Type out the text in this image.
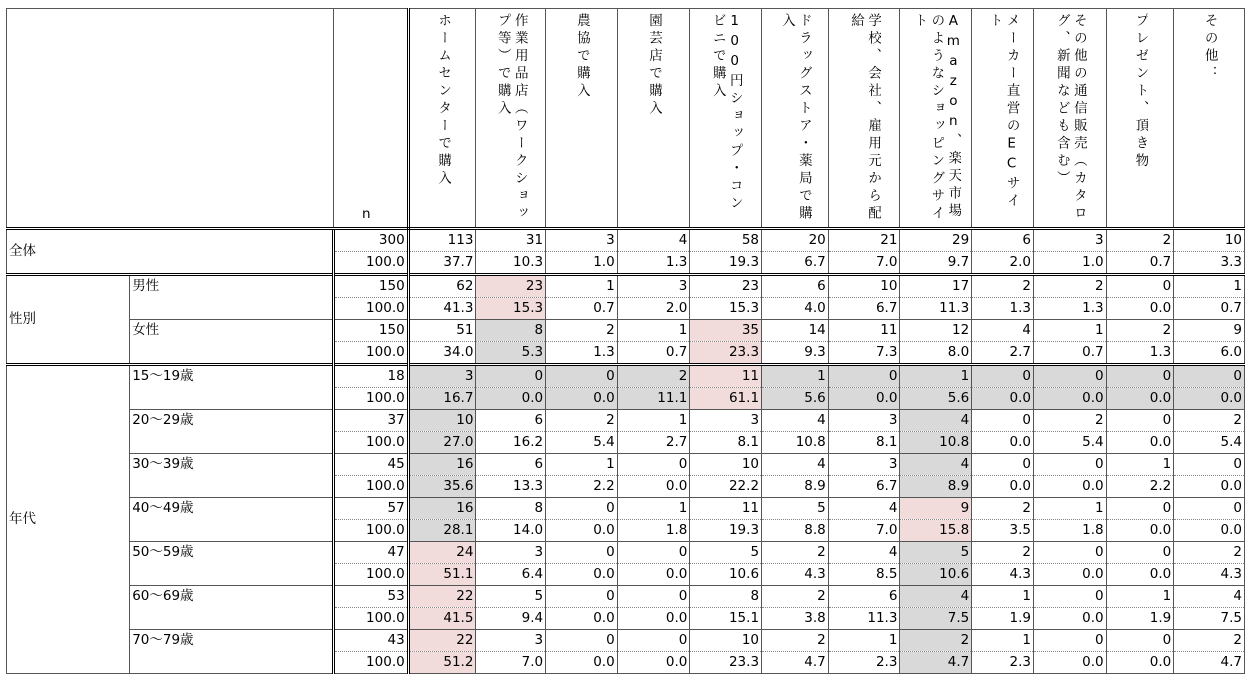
		n	ホームセンターで購入	作業用品店（ワークショップ等）で購入	農協で購入	園芸店で購入	100円ショップ・コンビニで購入	ドラッグストア・薬局で購入	学校、会社、雇用元から配給	Amazon、楽天市場のようなショッピングサイト	メーカー直営のECサイト	その他の通信販売（カタログ、新聞なども含む）	プレゼント、頂き物	その他：

全体		300	113	31	3	4	58	20	21	29	6	3	2	10
		100.0	37.7	10.3	1.0	1.3	19.3	6.7	7.0	9.7	2.0	1.0	0.7	3.3
性別	男性	150	62	23	1	3	23	6	10	17	2	2	0	1
		100.0	41.3	15.3	0.7	2.0	15.3	4.0	6.7	11.3	1.3	1.3	0.0	0.7
	女性	150	51	8	2	1	35	14	11	12	4	1	2	9
		100.0	34.0	5.3	1.3	0.7	23.3	9.3	7.3	8.0	2.7	0.7	1.3	6.0
年代	15～19歳	18	3	0	0	2	11	1	0	1	0	0	0	0
		100.0	16.7	0.0	0.0	11.1	61.1	5.6	0.0	5.6	0.0	0.0	0.0	0.0
	20～29歳	37	10	6	2	1	3	4	3	4	0	2	0	2
		100.0	27.0	16.2	5.4	2.7	8.1	10.8	8.1	10.8	0.0	5.4	0.0	5.4
	30～39歳	45	16	6	1	0	10	4	3	4	0	0	1	0
		100.0	35.6	13.3	2.2	0.0	22.2	8.9	6.7	8.9	0.0	0.0	2.2	0.0
	40～49歳	57	16	8	0	1	11	5	4	9	2	1	0	0
		100.0	28.1	14.0	0.0	1.8	19.3	8.8	7.0	15.8	3.5	1.8	0.0	0.0
	50～59歳	47	24	3	0	0	5	2	4	5	2	0	0	2
		100.0	51.1	6.4	0.0	0.0	10.6	4.3	8.5	10.6	4.3	0.0	0.0	4.3
	60～69歳	53	22	5	0	0	8	2	6	4	1	0	1	4
		100.0	41.5	9.4	0.0	0.0	15.1	3.8	11.3	7.5	1.9	0.0	1.9	7.5
	70～79歳	43	22	3	0	0	10	2	1	2	1	0	0	2
		100.0	51.2	7.0	0.0	0.0	23.3	4.7	2.3	4.7	2.3	0.0	0.0	4.7
